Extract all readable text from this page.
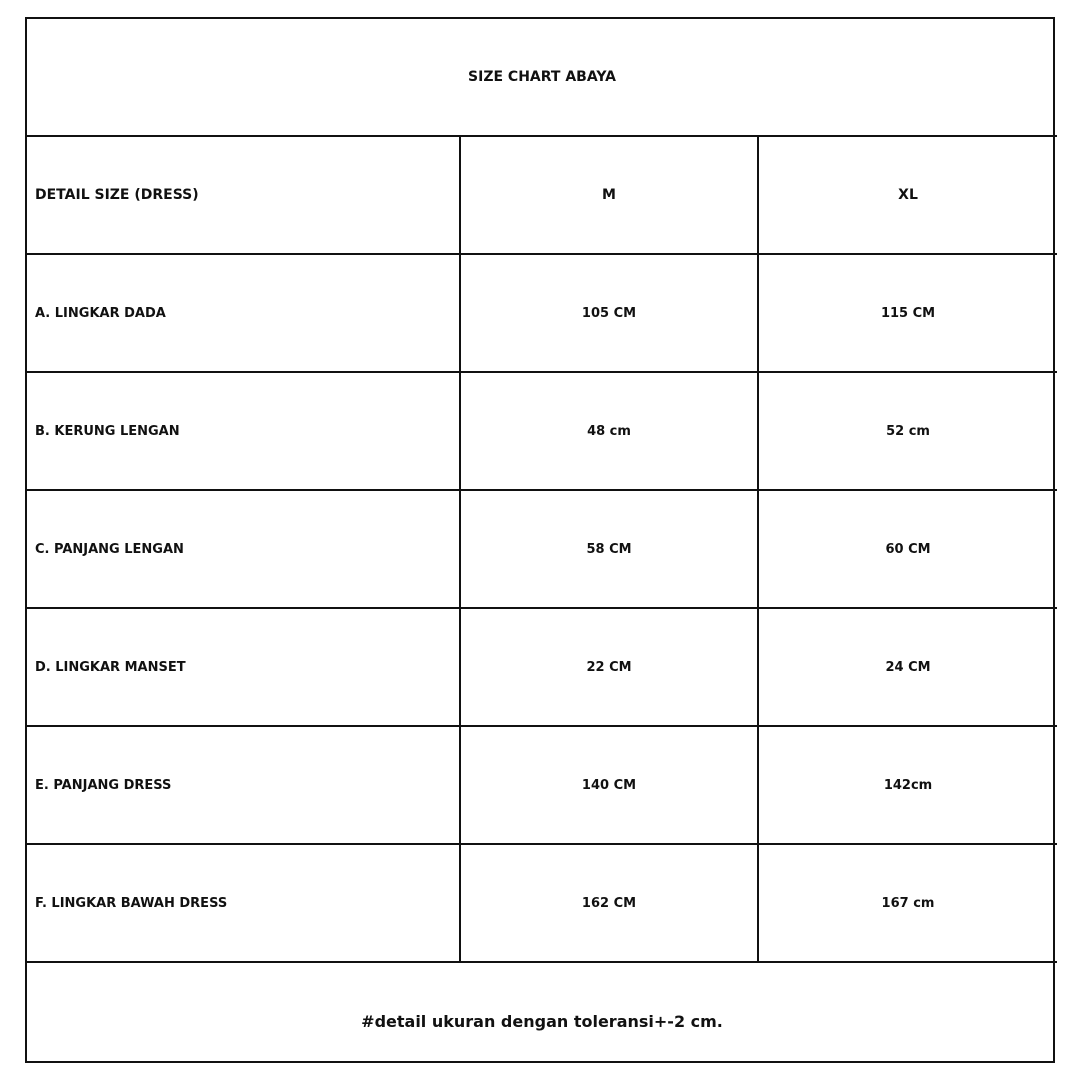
SIZE CHART ABAYA		
DETAIL SIZE (DRESS)	M	XL
A. LINGKAR DADA	105 CM	115 CM
B. KERUNG LENGAN	48 cm	52 cm
C. PANJANG LENGAN	58 CM	60 CM
D. LINGKAR MANSET	22 CM	24 CM
E. PANJANG DRESS	140 CM	142cm
F. LINGKAR BAWAH DRESS	162 CM	167 cm
#detail ukuran dengan toleransi+-2 cm.		
